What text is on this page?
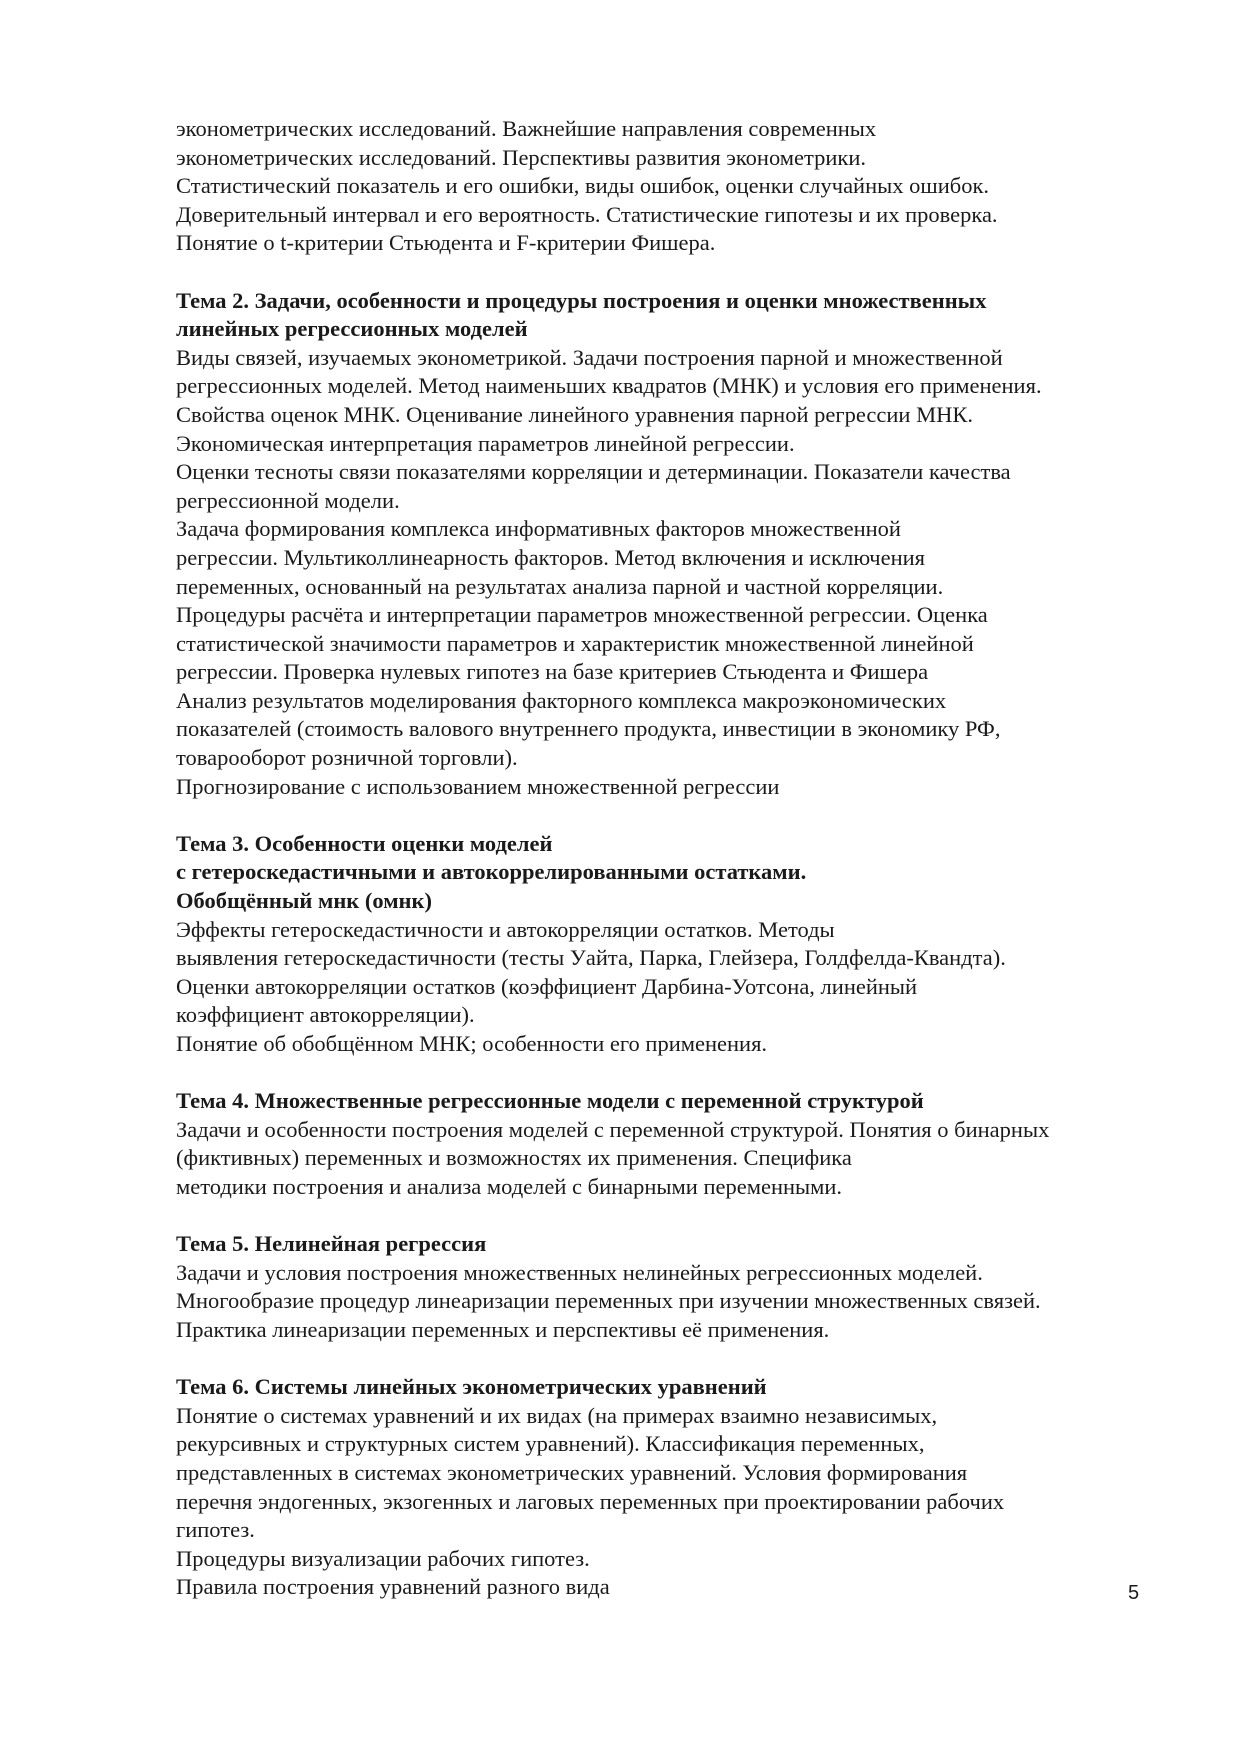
эконометрических исследований. Важнейшие направления современных
эконометрических исследований. Перспективы развития эконометрики.
Статистический показатель и его ошибки, виды ошибок, оценки случайных ошибок.
Доверительный интервал и его вероятность. Статистические гипотезы и их проверка.
Понятие о t-критерии Стьюдента и F-критерии Фишера.
Тема 2. Задачи, особенности и процедуры построения и оценки множественных
линейных регрессионных моделей
Виды связей, изучаемых эконометрикой. Задачи построения парной и множественной
регрессионных моделей. Метод наименьших квадратов (МНК) и условия его применения.
Свойства оценок МНК. Оценивание линейного уравнения парной регрессии МНК.
Экономическая интерпретация параметров линейной регрессии.
Оценки тесноты связи показателями корреляции и детерминации. Показатели качества
регрессионной модели.
Задача формирования комплекса информативных факторов множественной
регрессии. Мультиколлинеарность факторов. Метод включения и исключения
переменных, основанный на результатах анализа парной и частной корреляции.
Процедуры расчёта и интерпретации параметров множественной регрессии. Оценка
статистической значимости параметров и характеристик множественной линейной
регрессии. Проверка нулевых гипотез на базе критериев Стьюдента и Фишера
Анализ результатов моделирования факторного комплекса макроэкономических
показателей (стоимость валового внутреннего продукта, инвестиции в экономику РФ,
товарооборот розничной торговли).
Прогнозирование с использованием множественной регрессии
Тема 3. Особенности оценки моделей
с гетероскедастичными и автокоррелированными остатками.
Обобщённый мнк (омнк)
Эффекты гетероскедастичности и автокорреляции остатков. Методы
выявления гетероскедастичности (тесты Уайта, Парка, Глейзера, Голдфелда-Квандта).
Оценки автокорреляции остатков (коэффициент Дарбина-Уотсона, линейный
коэффициент автокорреляции).
Понятие об обобщённом МНК; особенности его применения.
Тема 4. Множественные регрессионные модели с переменной структурой
Задачи и особенности построения моделей с переменной структурой. Понятия о бинарных
(фиктивных) переменных и возможностях их применения. Специфика
методики построения и анализа моделей с бинарными переменными.
Тема 5. Нелинейная регрессия
Задачи и условия построения множественных нелинейных регрессионных моделей.
Многообразие процедур линеаризации переменных при изучении множественных связей.
Практика линеаризации переменных и перспективы её применения.
Тема 6. Системы линейных эконометрических уравнений
Понятие о системах уравнений и их видах (на примерах взаимно независимых,
рекурсивных и структурных систем уравнений). Классификация переменных,
представленных в системах эконометрических уравнений. Условия формирования
перечня эндогенных, экзогенных и лаговых переменных при проектировании рабочих
гипотез.
Процедуры визуализации рабочих гипотез.
Правила построения уравнений разного вида	5
